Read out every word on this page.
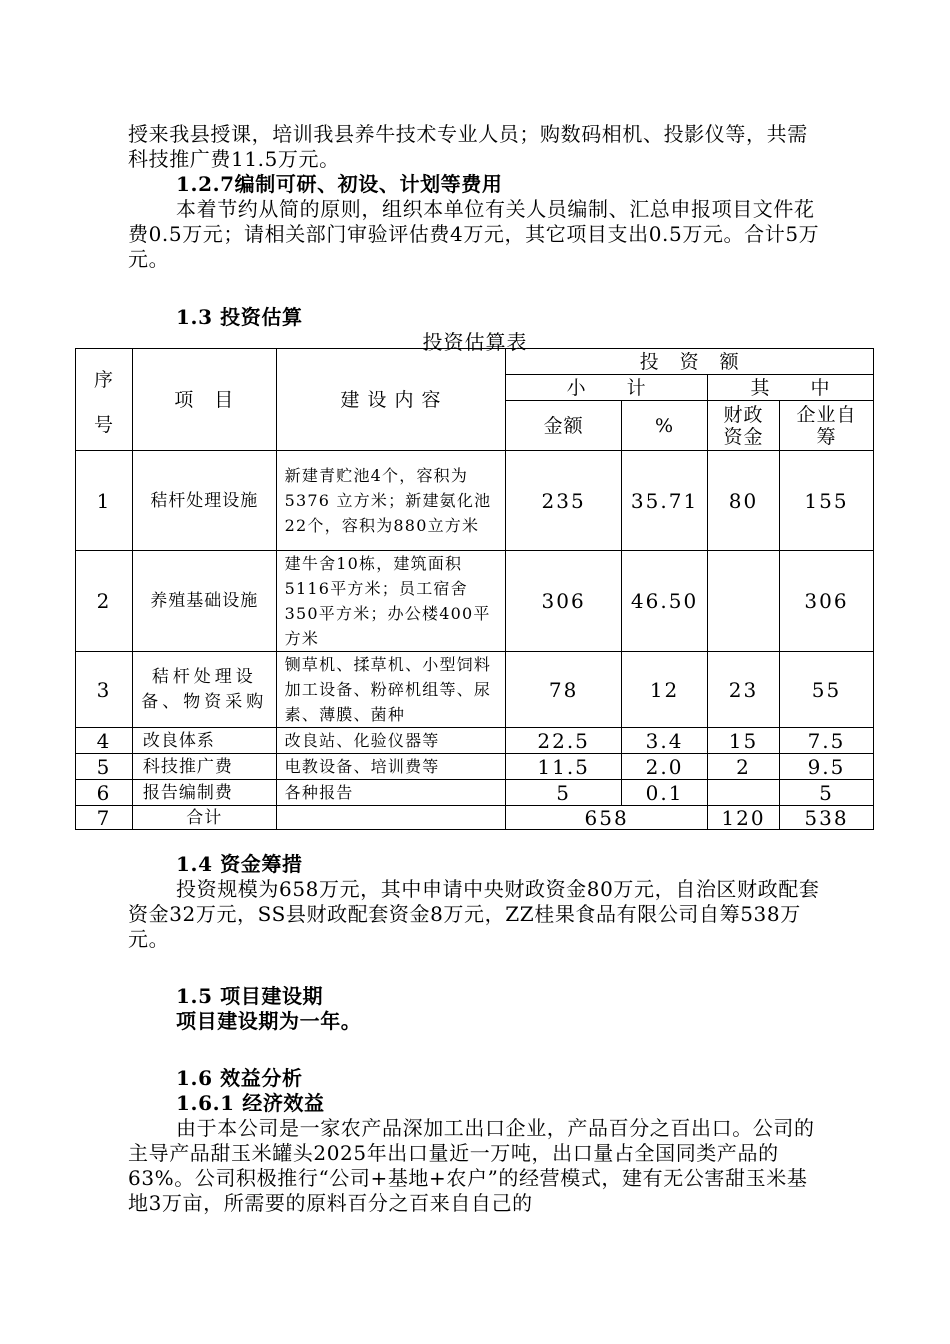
授来我县授课，培训我县养牛技术专业人员；购数码相机、投影仪等，共需科技推广费11.5万元。

1.2.7编制可研、初设、计划等费用

本着节约从简的原则，组织本单位有关人员编制、汇总申报项目文件花费0.5万元；请相关部门审验评估费4万元，其它项目支出0.5万元。合计5万元。

1.3 投资估算

投资估算表
序
号	项　目	建 设 内 容	投　资　额			
			小　　计		其　　中	
			金额	%	财政资金	企业自筹

1	秸杆处理设施	新建青贮池4个，容积为5376 立方米；新建氨化池22个，容积为880立方米	235	35.71	80	155
2	养殖基础设施	建牛舍10栋，建筑面积5116平方米；员工宿舍350平方米；办公楼400平方米	306	46.50		306
3	秸杆处理设备、物资采购	铡草机、揉草机、小型饲料加工设备、粉碎机组等、尿素、薄膜、菌种	78	12	23	55
4	改良体系	改良站、化验仪器等	22.5	3.4	15	7.5
5	科技推广费	电教设备、培训费等	11.5	2.0	2	9.5
6	报告编制费	各种报告	5	0.1		5
7	合计		658		120	538

1.4 资金筹措

投资规模为658万元，其中申请中央财政资金80万元，自治区财政配套资金32万元，SS县财政配套资金8万元，ZZ桂果食品有限公司自筹538万元。

1.5 项目建设期

项目建设期为一年。

1.6 效益分析

1.6.1 经济效益

由于本公司是一家农产品深加工出口企业，产品百分之百出口。公司的主导产品甜玉米罐头2025年出口量近一万吨，出口量占全国同类产品的63%。公司积极推行“公司+基地+农户”的经营模式，建有无公害甜玉米基地3万亩，所需要的原料百分之百来自自己的
